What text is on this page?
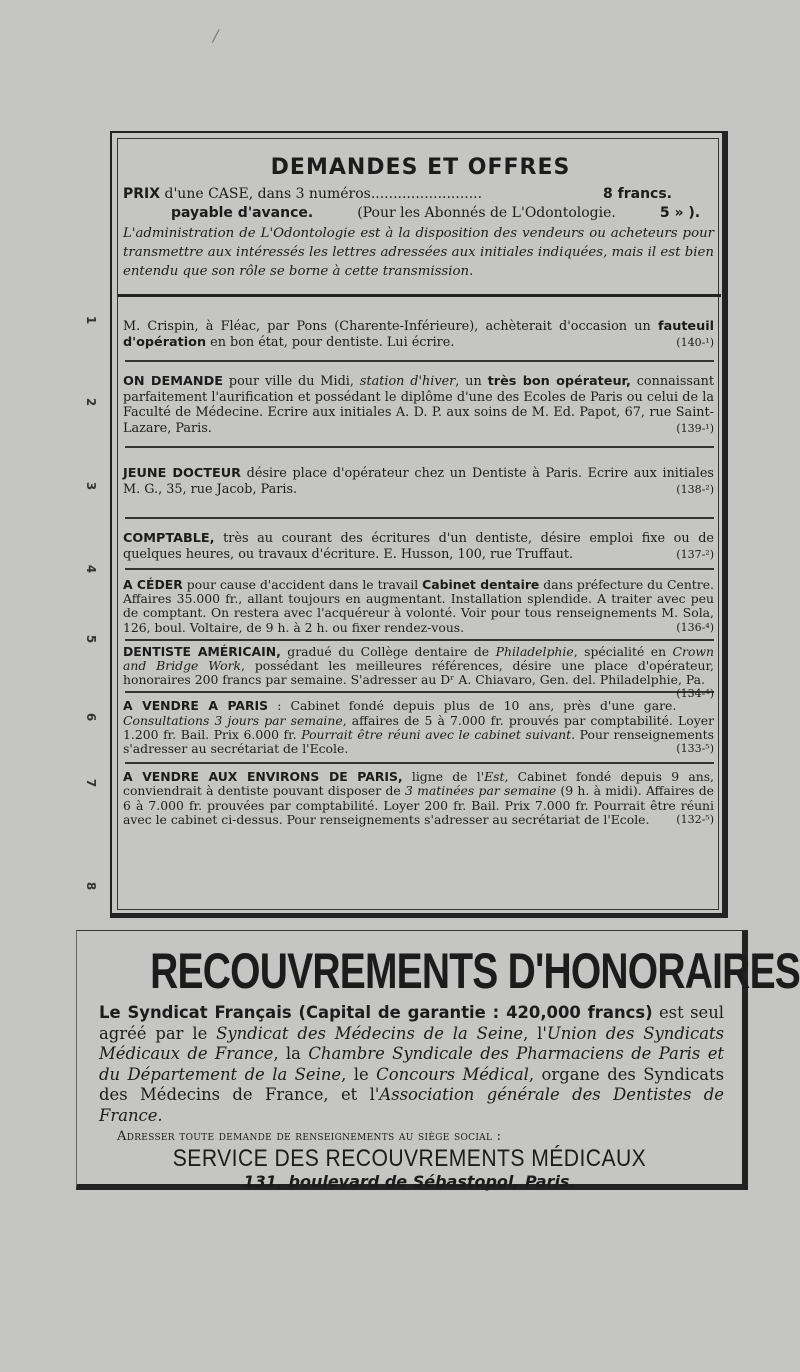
/
1
2
3
4
5
6
7
8
DEMANDES ET OFFRES
PRIX d'une CASE, dans 3 numéros.........................	8 francs.
payable d'avance.	(Pour les Abonnés de L'Odontologie.	5 » ).
L'administration de L'Odontologie est à la disposition des vendeurs ou acheteurs pour transmettre aux intéressés les lettres adressées aux initiales indiquées, mais il est bien entendu que son rôle se borne à cette transmission.
M. Crispin, à Fléac, par Pons (Charente-Inférieure), achèterait d'occasion un fauteuil d'opération en bon état, pour dentiste. Lui écrire.	(140-¹)
ON DEMANDE pour ville du Midi, station d'hiver, un très bon opérateur, connaissant parfaitement l'aurification et possédant le diplôme d'une des Ecoles de Paris ou celui de la Faculté de Médecine. Ecrire aux initiales A. D. P. aux soins de M. Ed. Papot, 67, rue Saint-Lazare, Paris.	(139-¹)
JEUNE DOCTEUR désire place d'opérateur chez un Dentiste à Paris. Ecrire aux initiales M. G., 35, rue Jacob, Paris.	(138-²)
COMPTABLE, très au courant des écritures d'un dentiste, désire emploi fixe ou de quelques heures, ou travaux d'écriture. E. Husson, 100, rue Truffaut.	(137-²)
A CÉDER pour cause d'accident dans le travail Cabinet dentaire dans préfecture du Centre. Affaires 35.000 fr., allant toujours en augmentant. Installation splendide. A traiter avec peu de comptant. On restera avec l'acquéreur à volonté. Voir pour tous renseignements M. Sola, 126, boul. Voltaire, de 9 h. à 2 h. ou fixer rendez-vous.	(136-⁴)
DENTISTE AMÉRICAIN, gradué du Collège dentaire de Philadelphie, spécialité en Crown and Bridge Work, possédant les meilleures références, désire une place d'opérateur, honoraires 200 francs par semaine. S'adresser au Dʳ A. Chiavaro, Gen. del. Philadelphie, Pa.
(134-⁴)
A VENDRE A PARIS : Cabinet fondé depuis plus de 10 ans, près d'une gare. Consultations 3 jours par semaine, affaires de 5 à 7.000 fr. prouvés par comptabilité. Loyer 1.200 fr. Bail. Prix 6.000 fr. Pourrait être réuni avec le cabinet suivant. Pour renseignements s'adresser au secrétariat de l'Ecole.	(133-⁵)
A VENDRE AUX ENVIRONS DE PARIS, ligne de l'Est, Cabinet fondé depuis 9 ans, conviendrait à dentiste pouvant disposer de 3 matinées par semaine (9 h. à midi). Affaires de 6 à 7.000 fr. prouvées par comptabilité. Loyer 200 fr. Bail. Prix 7.000 fr. Pourrait être réuni avec le cabinet ci-dessus. Pour renseignements s'adresser au secrétariat de l'Ecole. (132-⁵)
RECOUVREMENTS D'HONORAIRES
Le Syndicat Français (Capital de garantie : 420,000 francs) est seul agréé par le Syndicat des Médecins de la Seine, l'Union des Syndicats Médicaux de France, la Chambre Syndicale des Pharmaciens de Paris et du Département de la Seine, le Concours Médical, organe des Syndicats des Médecins de France, et l'Association générale des Dentistes de France.
Adresser toute demande de renseignements au siège social :
SERVICE DES RECOUVREMENTS MÉDICAUX
131, boulevard de Sébastopol, Paris.
